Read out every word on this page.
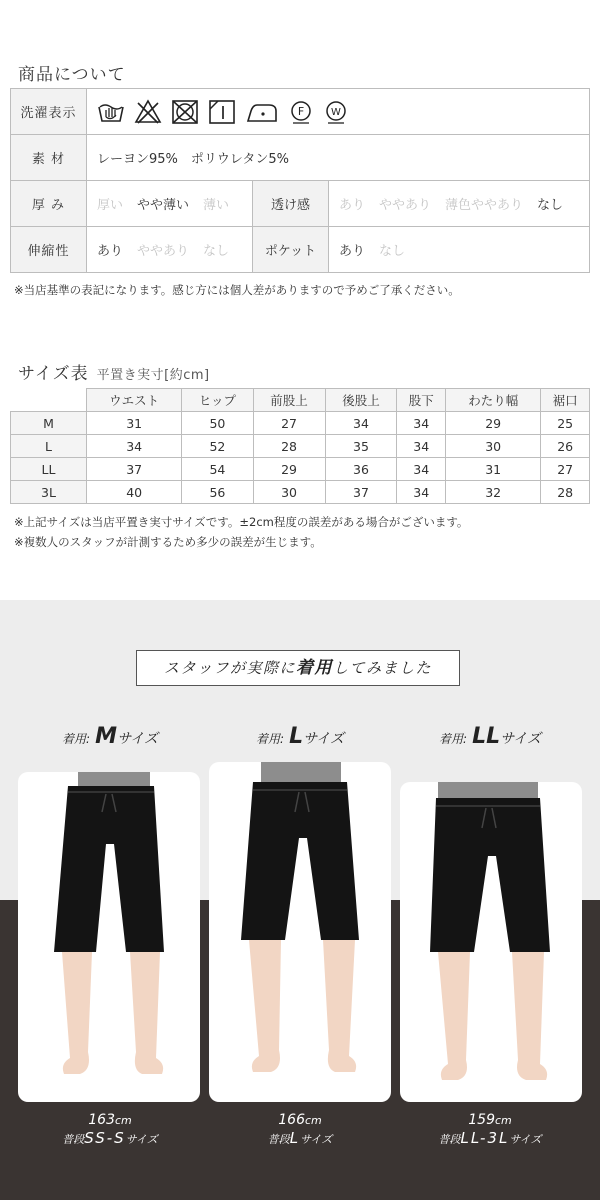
商品について
洗濯表示	F W		

素 材	レーヨン95%　ポリウレタン5%		
厚 み	厚い やや薄い 薄い	透け感	あり ややあり 薄色ややあり なし
伸縮性	あり ややあり なし	ポケット	あり なし
※当店基準の表記になります。感じ方には個人差がありますので予めご了承ください。
サイズ表 平置き実寸[約cm]
	ウエスト	ヒップ	前股上	後股上	股下	わたり幅	裾口
M	31	50	27	34	34	29	25
L	34	52	28	35	34	30	26
LL	37	54	29	36	34	31	27
3L	40	56	30	37	34	32	28
※上記サイズは当店平置き実寸サイズです。±2cm程度の誤差がある場合がございます。
※複数人のスタッフが計測するため多少の誤差が生じます。
スタッフが実際に着用してみました
着用: Mサイズ
163cm
普段SS-Sサイズ
着用: Lサイズ
166cm
普段Lサイズ
着用: LLサイズ
159cm
普段LL-3Lサイズ
